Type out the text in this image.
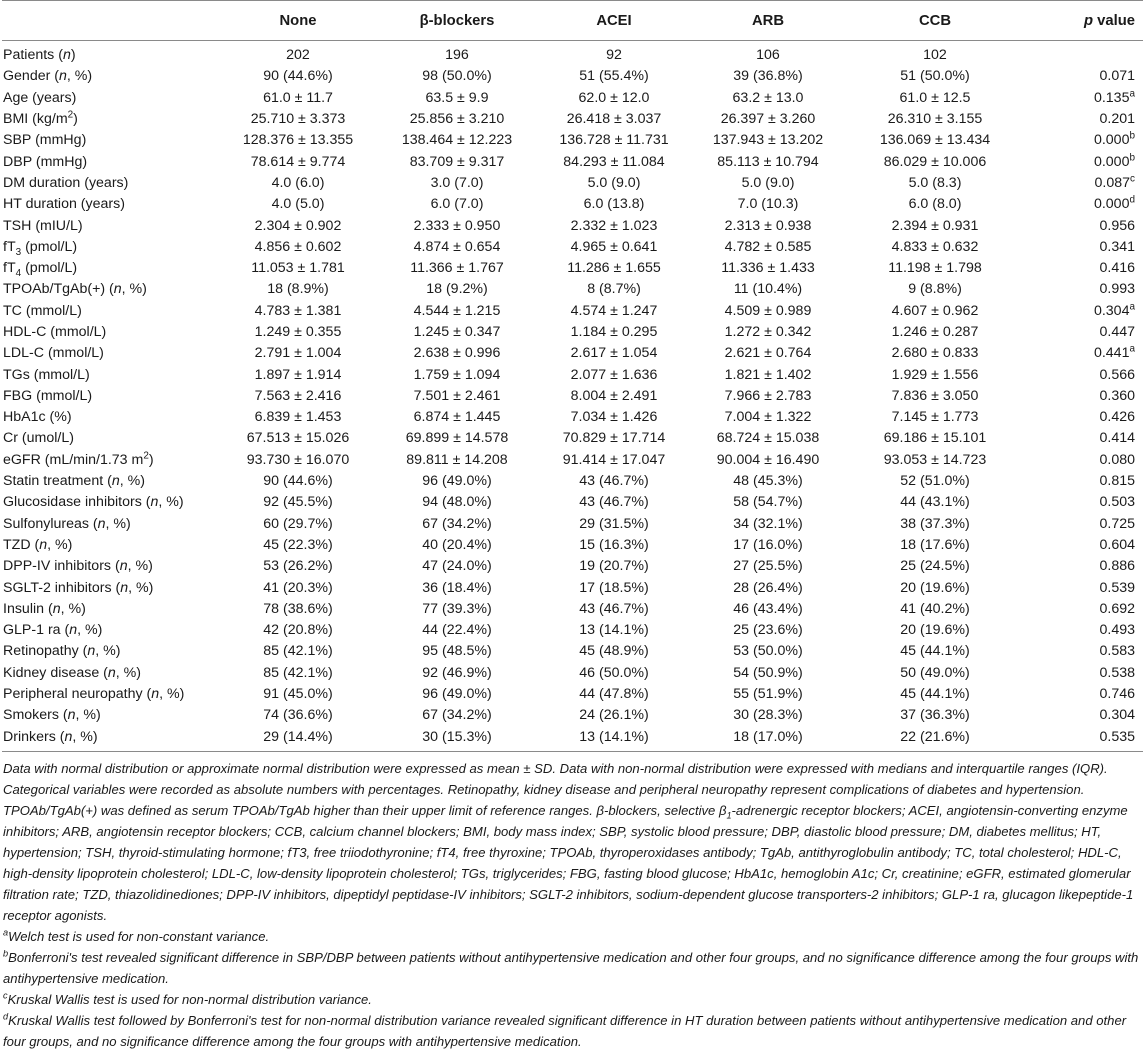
	None	β-blockers	ACEI	ARB	CCB	p value
Patients (n)	202	196	92	106	102	
Gender (n, %)	90 (44.6%)	98 (50.0%)	51 (55.4%)	39 (36.8%)	51 (50.0%)	0.071
Age (years)	61.0 ± 11.7	63.5 ± 9.9	62.0 ± 12.0	63.2 ± 13.0	61.0 ± 12.5	0.135$^a$
BMI $(kg/m^2)$	25.710 ± 3.373	25.856 ± 3.210	26.418 ± 3.037	26.397 ± 3.260	26.310 ± 3.155	0.201
SBP (mmHg)	128.376 ± 13.355	138.464 ± 12.223	136.728 ± 11.731	137.943 ± 13.202	136.069 ± 13.434	0.000$^b$
DBP (mmHg)	78.614 ± 9.774	83.709 ± 9.317	84.293 ± 11.084	85.113 ± 10.794	86.029 ± 10.006	0.000$^b$
DM duration (years)	4.0 (6.0)	3.0 (7.0)	5.0 (9.0)	5.0 (9.0)	5.0 (8.3)	0.087$^c$
HT duration (years)	4.0 (5.0)	6.0 (7.0)	6.0 (13.8)	7.0 (10.3)	6.0 (8.0)	0.000$^d$
TSH (mIU/L)	2.304 ± 0.902	2.333 ± 0.950	2.332 ± 1.023	2.313 ± 0.938	2.394 ± 0.931	0.956
$fT_3$ (pmol/L)	4.856 ± 0.602	4.874 ± 0.654	4.965 ± 0.641	4.782 ± 0.585	4.833 ± 0.632	0.341
$fT_4$ (pmol/L)	11.053 ± 1.781	11.366 ± 1.767	11.286 ± 1.655	11.336 ± 1.433	11.198 ± 1.798	0.416
TPOAb/TgAb(+) (n, %)	18 (8.9%)	18 (9.2%)	8 (8.7%)	11 (10.4%)	9 (8.8%)	0.993
TC (mmol/L)	4.783 ± 1.381	4.544 ± 1.215	4.574 ± 1.247	4.509 ± 0.989	4.607 ± 0.962	0.304$^a$
HDL-C (mmol/L)	1.249 ± 0.355	1.245 ± 0.347	1.184 ± 0.295	1.272 ± 0.342	1.246 ± 0.287	0.447
LDL-C (mmol/L)	2.791 ± 1.004	2.638 ± 0.996	2.617 ± 1.054	2.621 ± 0.764	2.680 ± 0.833	0.441$^a$
TGs (mmol/L)	1.897 ± 1.914	1.759 ± 1.094	2.077 ± 1.636	1.821 ± 1.402	1.929 ± 1.556	0.566
FBG (mmol/L)	7.563 ± 2.416	7.501 ± 2.461	8.004 ± 2.491	7.966 ± 2.783	7.836 ± 3.050	0.360
HbA1c (%)	6.839 ± 1.453	6.874 ± 1.445	7.034 ± 1.426	7.004 ± 1.322	7.145 ± 1.773	0.426
Cr (umol/L)	67.513 ± 15.026	69.899 ± 14.578	70.829 ± 17.714	68.724 ± 15.038	69.186 ± 15.101	0.414
eGFR (mL/min/1.73 $m^2$)	93.730 ± 16.070	89.811 ± 14.208	91.414 ± 17.047	90.004 ± 16.490	93.053 ± 14.723	0.080
Statin treatment (n, %)	90 (44.6%)	96 (49.0%)	43 (46.7%)	48 (45.3%)	52 (51.0%)	0.815
Glucosidase inhibitors (n, %)	92 (45.5%)	94 (48.0%)	43 (46.7%)	58 (54.7%)	44 (43.1%)	0.503
Sulfonylureas (n, %)	60 (29.7%)	67 (34.2%)	29 (31.5%)	34 (32.1%)	38 (37.3%)	0.725
TZD (n, %)	45 (22.3%)	40 (20.4%)	15 (16.3%)	17 (16.0%)	18 (17.6%)	0.604
DPP-IV inhibitors (n, %)	53 (26.2%)	47 (24.0%)	19 (20.7%)	27 (25.5%)	25 (24.5%)	0.886
SGLT-2 inhibitors (n, %)	41 (20.3%)	36 (18.4%)	17 (18.5%)	28 (26.4%)	20 (19.6%)	0.539
Insulin (n, %)	78 (38.6%)	77 (39.3%)	43 (46.7%)	46 (43.4%)	41 (40.2%)	0.692
GLP-1 ra (n, %)	42 (20.8%)	44 (22.4%)	13 (14.1%)	25 (23.6%)	20 (19.6%)	0.493
Retinopathy (n, %)	85 (42.1%)	95 (48.5%)	45 (48.9%)	53 (50.0%)	45 (44.1%)	0.583
Kidney disease (n, %)	85 (42.1%)	92 (46.9%)	46 (50.0%)	54 (50.9%)	50 (49.0%)	0.538
Peripheral neuropathy (n, %)	91 (45.0%)	96 (49.0%)	44 (47.8%)	55 (51.9%)	45 (44.1%)	0.746
Smokers (n, %)	74 (36.6%)	67 (34.2%)	24 (26.1%)	30 (28.3%)	37 (36.3%)	0.304
Drinkers (n, %)	29 (14.4%)	30 (15.3%)	13 (14.1%)	18 (17.0%)	22 (21.6%)	0.535

Data with normal distribution or approximate normal distribution were expressed as mean ± SD. Data with non-normal distribution were expressed with medians and interquartile ranges (IQR). Categorical variables were recorded as absolute numbers with percentages. Retinopathy, kidney disease and peripheral neuropathy represent complications of diabetes and hypertension. TPOAb/TgAb(+) was defined as serum TPOAb/TgAb higher than their upper limit of reference ranges. β-blockers, selective $\beta_1$-adrenergic receptor blockers; ACEI, angiotensin-converting enzyme inhibitors; ARB, angiotensin receptor blockers; CCB, calcium channel blockers; BMI, body mass index; SBP, systolic blood pressure; DBP, diastolic blood pressure; DM, diabetes mellitus; HT, hypertension; TSH, thyroid-stimulating hormone; fT3, free triiodothyronine; fT4, free thyroxine; TPOAb, thyroperoxidases antibody; TgAb, antithyroglobulin antibody; TC, total cholesterol; HDL-C, high-density lipoprotein cholesterol; LDL-C, low-density lipoprotein cholesterol; TGs, triglycerides; FBG, fasting blood glucose; HbA1c, hemoglobin A1c; Cr, creatinine; eGFR, estimated glomerular filtration rate; TZD, thiazolidinediones; DPP-IV inhibitors, dipeptidyl peptidase-IV inhibitors; SGLT-2 inhibitors, sodium-dependent glucose transporters-2 inhibitors; GLP-1 ra, glucagon likepeptide-1 receptor agonists.

$^a$Welch test is used for non-constant variance.

$^b$Bonferroni's test revealed significant difference in SBP/DBP between patients without antihypertensive medication and other four groups, and no significance difference among the four groups with antihypertensive medication.

$^c$Kruskal Wallis test is used for non-normal distribution variance.

$^d$Kruskal Wallis test followed by Bonferroni's test for non-normal distribution variance revealed significant difference in HT duration between patients without antihypertensive medication and other four groups, and no significance difference among the four groups with antihypertensive medication.
